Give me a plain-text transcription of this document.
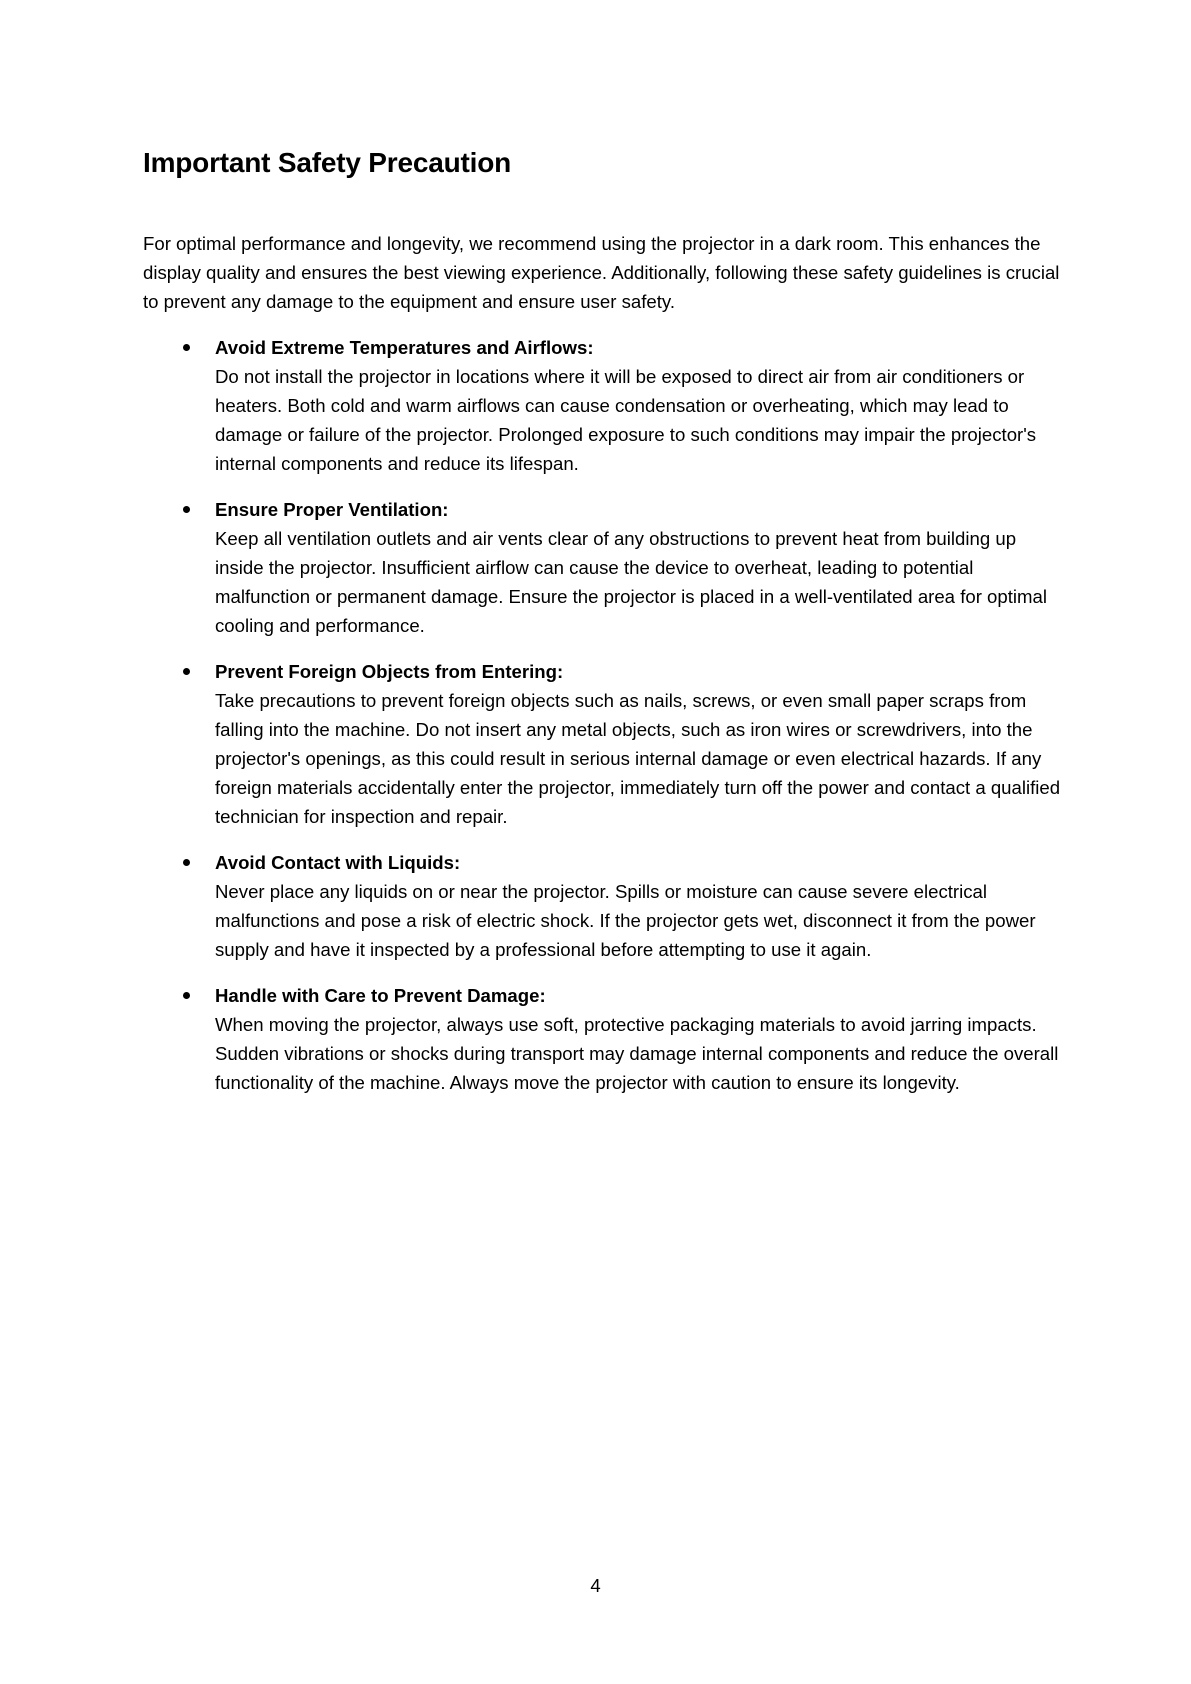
Important Safety Precaution

For optimal performance and longevity, we recommend using the projector in a dark room. This enhances the display quality and ensures the best viewing experience. Additionally, following these safety guidelines is crucial to prevent any damage to the equipment and ensure user safety.

Avoid Extreme Temperatures and Airflows:
Do not install the projector in locations where it will be exposed to direct air from air conditioners or heaters. Both cold and warm airflows can cause condensation or overheating, which may lead to damage or failure of the projector. Prolonged exposure to such conditions may impair the projector's internal components and reduce its lifespan.
Ensure Proper Ventilation:
Keep all ventilation outlets and air vents clear of any obstructions to prevent heat from building up inside the projector. Insufficient airflow can cause the device to overheat, leading to potential malfunction or permanent damage. Ensure the projector is placed in a well-ventilated area for optimal cooling and performance.
Prevent Foreign Objects from Entering:
Take precautions to prevent foreign objects such as nails, screws, or even small paper scraps from falling into the machine. Do not insert any metal objects, such as iron wires or screwdrivers, into the projector's openings, as this could result in serious internal damage or even electrical hazards. If any foreign materials accidentally enter the projector, immediately turn off the power and contact a qualified technician for inspection and repair.
Avoid Contact with Liquids:
Never place any liquids on or near the projector. Spills or moisture can cause severe electrical malfunctions and pose a risk of electric shock. If the projector gets wet, disconnect it from the power supply and have it inspected by a professional before attempting to use it again.
Handle with Care to Prevent Damage:
When moving the projector, always use soft, protective packaging materials to avoid jarring impacts. Sudden vibrations or shocks during transport may damage internal components and reduce the overall functionality of the machine. Always move the projector with caution to ensure its longevity.
4
